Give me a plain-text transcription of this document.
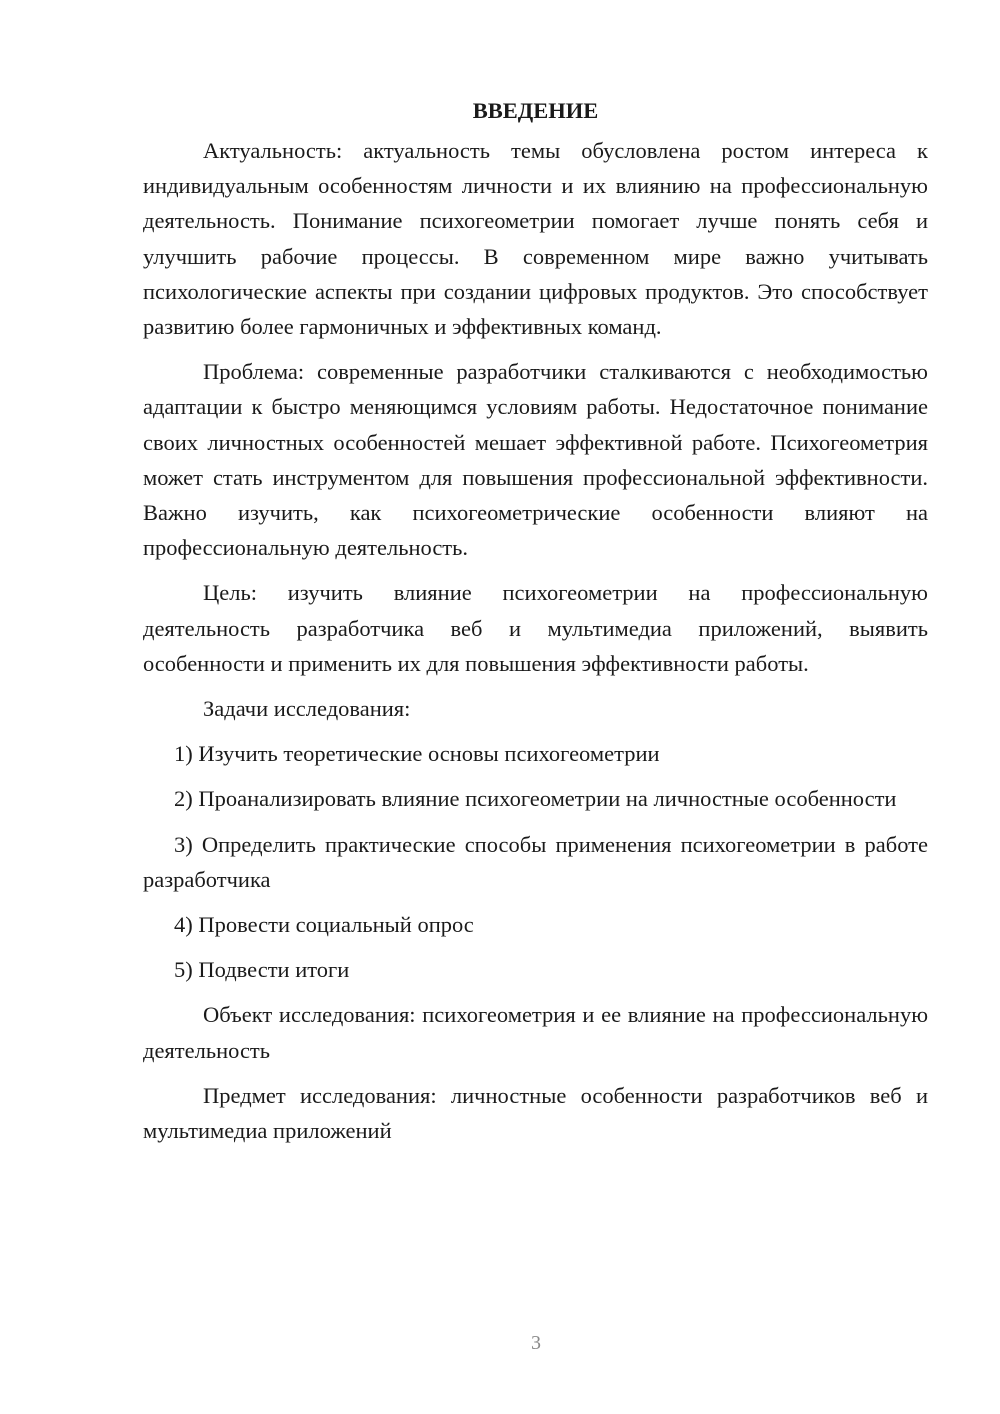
ВВЕДЕНИЕ

Актуальность: актуальность темы обусловлена ростом интереса к индивидуальным особенностям личности и их влиянию на профессиональную деятельность. Понимание психогеометрии помогает лучше понять себя и улучшить рабочие процессы. В современном мире важно учитывать психологические аспекты при создании цифровых продуктов. Это способствует развитию более гармоничных и эффективных команд.

Проблема: современные разработчики сталкиваются с необходимостью адаптации к быстро меняющимся условиям работы. Недостаточное понимание своих личностных особенностей мешает эффективной работе. Психогеометрия может стать инструментом для повышения профессиональной эффективности. Важно изучить, как психогеометрические особенности влияют на профессиональную деятельность.

Цель: изучить влияние психогеометрии на профессиональную деятельность разработчика веб и мультимедиа приложений, выявить особенности и применить их для повышения эффективности работы.

Задачи исследования:

1) Изучить теоретические основы психогеометрии

2) Проанализировать влияние психогеометрии на личностные особенности

3) Определить практические способы применения психогеометрии в работе разработчика

4) Провести социальный опрос

5) Подвести итоги

Объект исследования: психогеометрия и ее влияние на профессиональную деятельность

Предмет исследования: личностные особенности разработчиков веб и мультимедиа приложений

3
